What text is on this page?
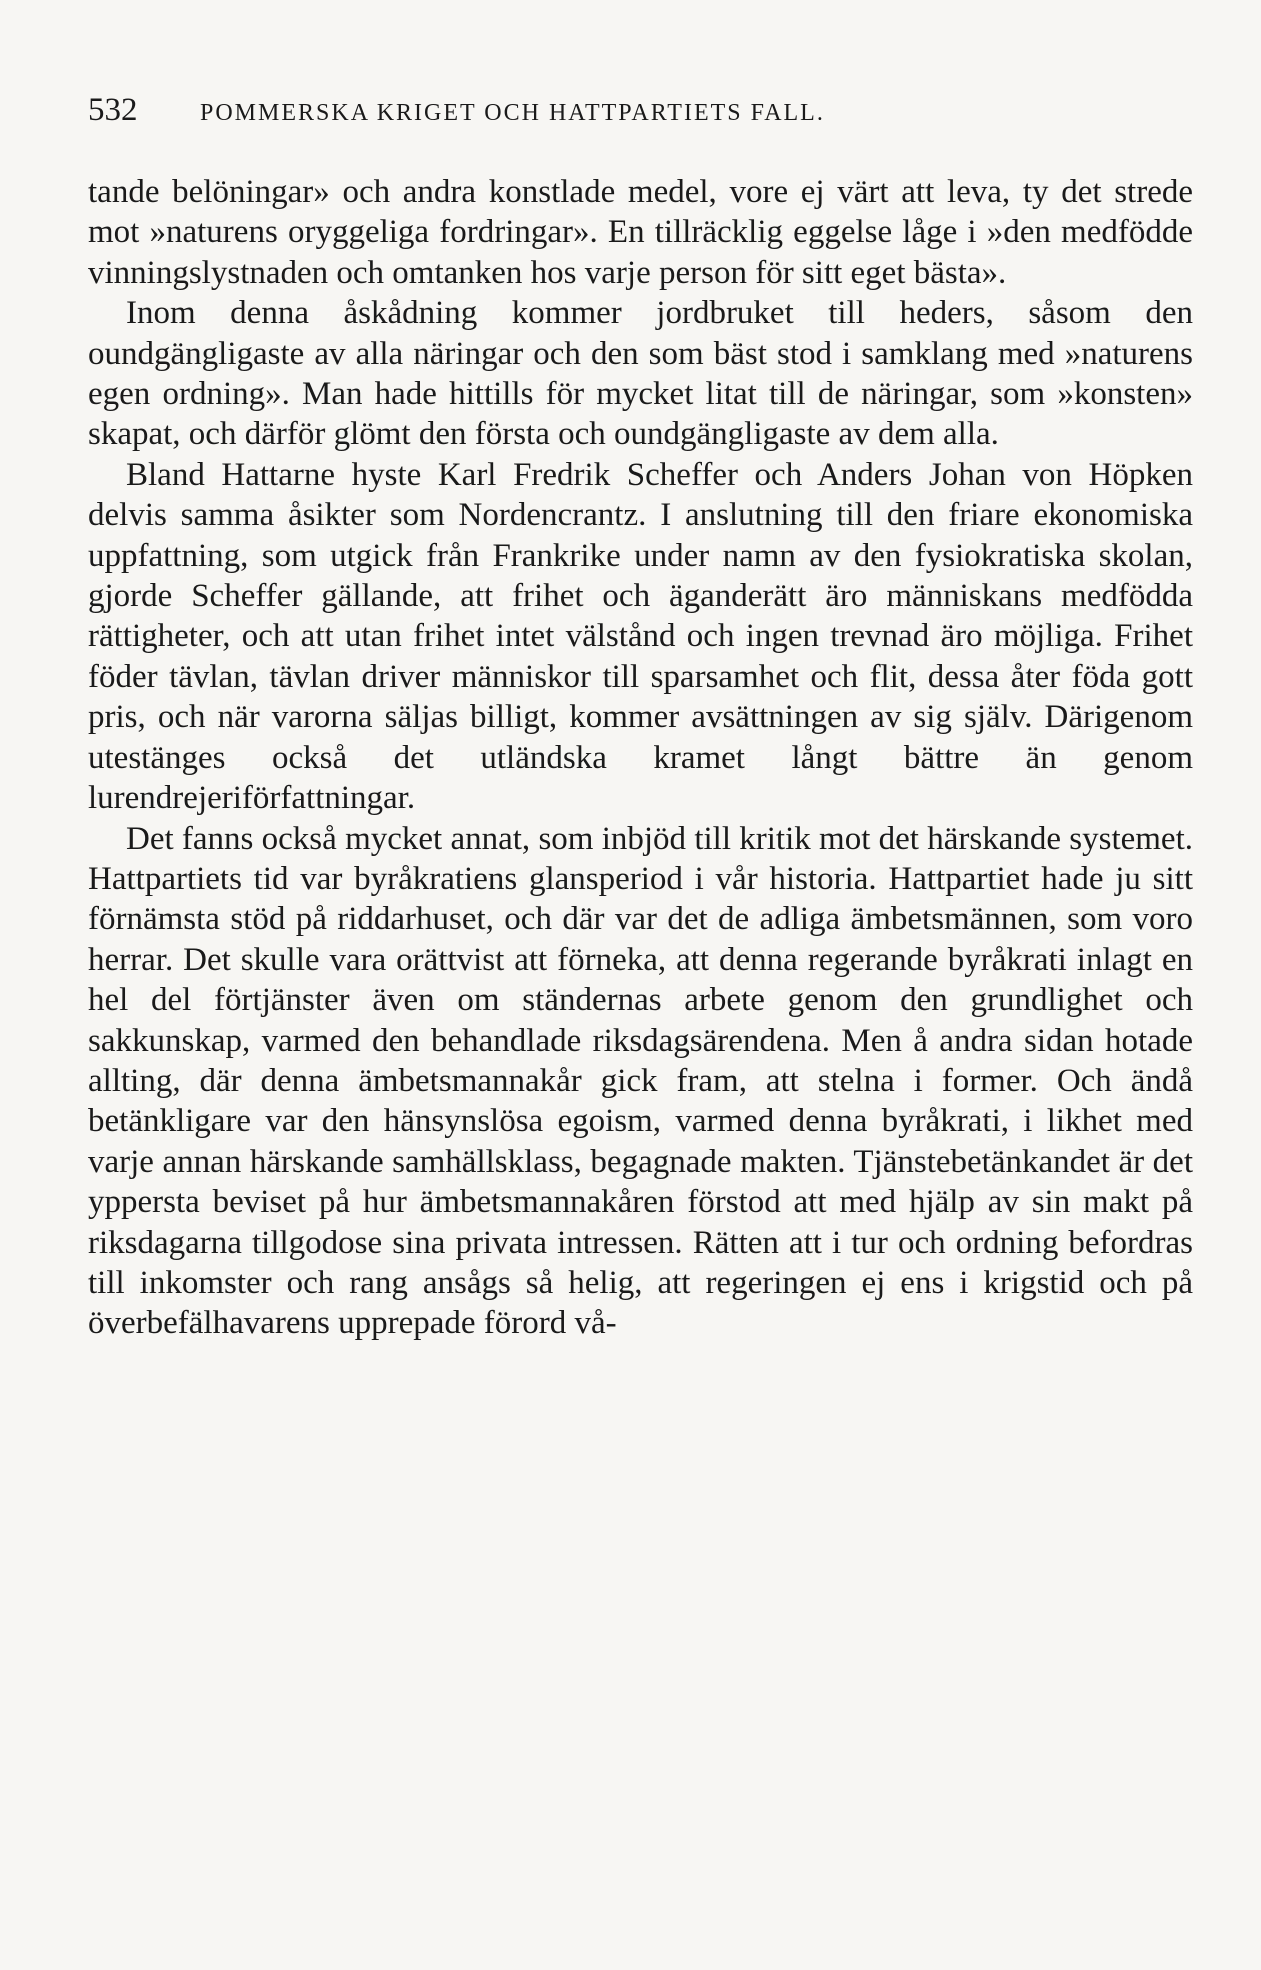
532	POMMERSKA KRIGET OCH HATTPARTIETS FALL.

tande belöningar» och andra konstlade medel, vore ej värt att leva, ty det strede mot »naturens oryggeliga fordringar». En tillräcklig eggelse låge i »den medfödde vinningslystnaden och omtanken hos varje person för sitt eget bästa».

Inom denna åskådning kommer jordbruket till heders, såsom den oundgängligaste av alla näringar och den som bäst stod i samklang med »naturens egen ordning». Man hade hittills för mycket litat till de näringar, som »konsten» skapat, och därför glömt den första och oundgängligaste av dem alla.

Bland Hattarne hyste Karl Fredrik Scheffer och Anders Johan von Höpken delvis samma åsikter som Nordencrantz. I anslutning till den friare ekonomiska uppfattning, som utgick från Frankrike under namn av den fysiokratiska skolan, gjorde Scheffer gällande, att frihet och äganderätt äro människans medfödda rättigheter, och att utan frihet intet välstånd och ingen trevnad äro möjliga. Frihet föder tävlan, tävlan driver människor till sparsamhet och flit, dessa åter föda gott pris, och när varorna säljas billigt, kommer avsättningen av sig själv. Därigenom utestänges också det utländska kramet långt bättre än genom lurendrejeriförfattningar.

Det fanns också mycket annat, som inbjöd till kritik mot det härskande systemet. Hattpartiets tid var byråkratiens glansperiod i vår historia. Hattpartiet hade ju sitt förnämsta stöd på riddarhuset, och där var det de adliga ämbetsmännen, som voro herrar. Det skulle vara orättvist att förneka, att denna regerande byråkrati inlagt en hel del förtjänster även om ständernas arbete genom den grundlighet och sakkunskap, varmed den behandlade riksdagsärendena. Men å andra sidan hotade allting, där denna ämbetsmannakår gick fram, att stelna i former. Och ändå betänkligare var den hänsynslösa egoism, varmed denna byråkrati, i likhet med varje annan härskande samhällsklass, begagnade makten. Tjänstebetänkandet är det yppersta beviset på hur ämbetsmannakåren förstod att med hjälp av sin makt på riksdagarna tillgodose sina privata intressen. Rätten att i tur och ordning befordras till inkomster och rang ansågs så helig, att regeringen ej ens i krigstid och på överbefälhavarens upprepade förord vå-
